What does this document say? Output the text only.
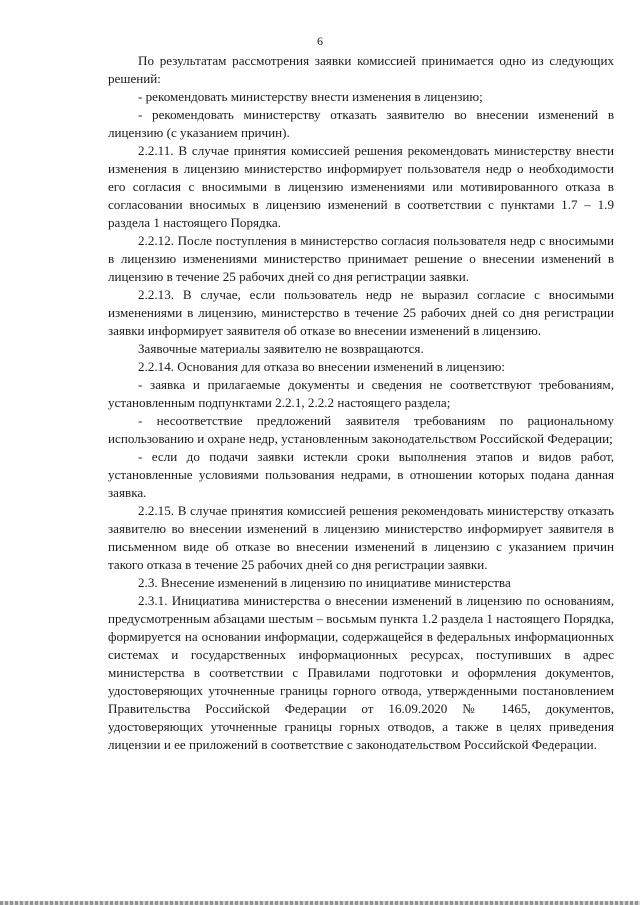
6

По результатам рассмотрения заявки комиссией принимается одно из следующих решений:

- рекомендовать министерству внести изменения в лицензию;

- рекомендовать министерству отказать заявителю во внесении изменений в лицензию (с указанием причин).

2.2.11. В случае принятия комиссией решения рекомендовать министерству внести изменения в лицензию министерство информирует пользователя недр о необходимости его согласия с вносимыми в лицензию изменениями или мотивированного отказа в согласовании вносимых в лицензию изменений в соответствии с пунктами 1.7 – 1.9 раздела 1 настоящего Порядка.

2.2.12. После поступления в министерство согласия пользователя недр с вносимыми в лицензию изменениями министерство принимает решение о внесении изменений в лицензию в течение 25 рабочих дней со дня регистрации заявки.

2.2.13. В случае, если пользователь недр не выразил согласие с вносимыми изменениями в лицензию, министерство в течение 25 рабочих дней со дня регистрации заявки информирует заявителя об отказе во внесении изменений в лицензию.

Заявочные материалы заявителю не возвращаются.

2.2.14. Основания для отказа во внесении изменений в лицензию:

- заявка и прилагаемые документы и сведения не соответствуют требованиям, установленным подпунктами 2.2.1, 2.2.2 настоящего раздела;

- несоответствие предложений заявителя требованиям по рациональному использованию и охране недр, установленным законодательством Российской Федерации;

- если до подачи заявки истекли сроки выполнения этапов и видов работ, установленные условиями пользования недрами, в отношении которых подана данная заявка.

2.2.15. В случае принятия комиссией решения рекомендовать министерству отказать заявителю во внесении изменений в лицензию министерство информирует заявителя в письменном виде об отказе во внесении изменений в лицензию с указанием причин такого отказа в течение 25 рабочих дней со дня регистрации заявки.

2.3. Внесение изменений в лицензию по инициативе министерства

2.3.1. Инициатива министерства о внесении изменений в лицензию по основаниям, предусмотренным абзацами шестым – восьмым пункта 1.2 раздела 1 настоящего Порядка, формируется на основании информации, содержащейся в федеральных информационных системах и государственных информационных ресурсах, поступивших в адрес министерства в соответствии с Правилами подготовки и оформления документов, удостоверяющих уточненные границы горного отвода, утвержденными постановлением Правительства Российской Федерации от 16.09.2020 № 1465, документов, удостоверяющих уточненные границы горных отводов, а также в целях приведения лицензии и ее приложений в соответствие с законодательством Российской Федерации.
